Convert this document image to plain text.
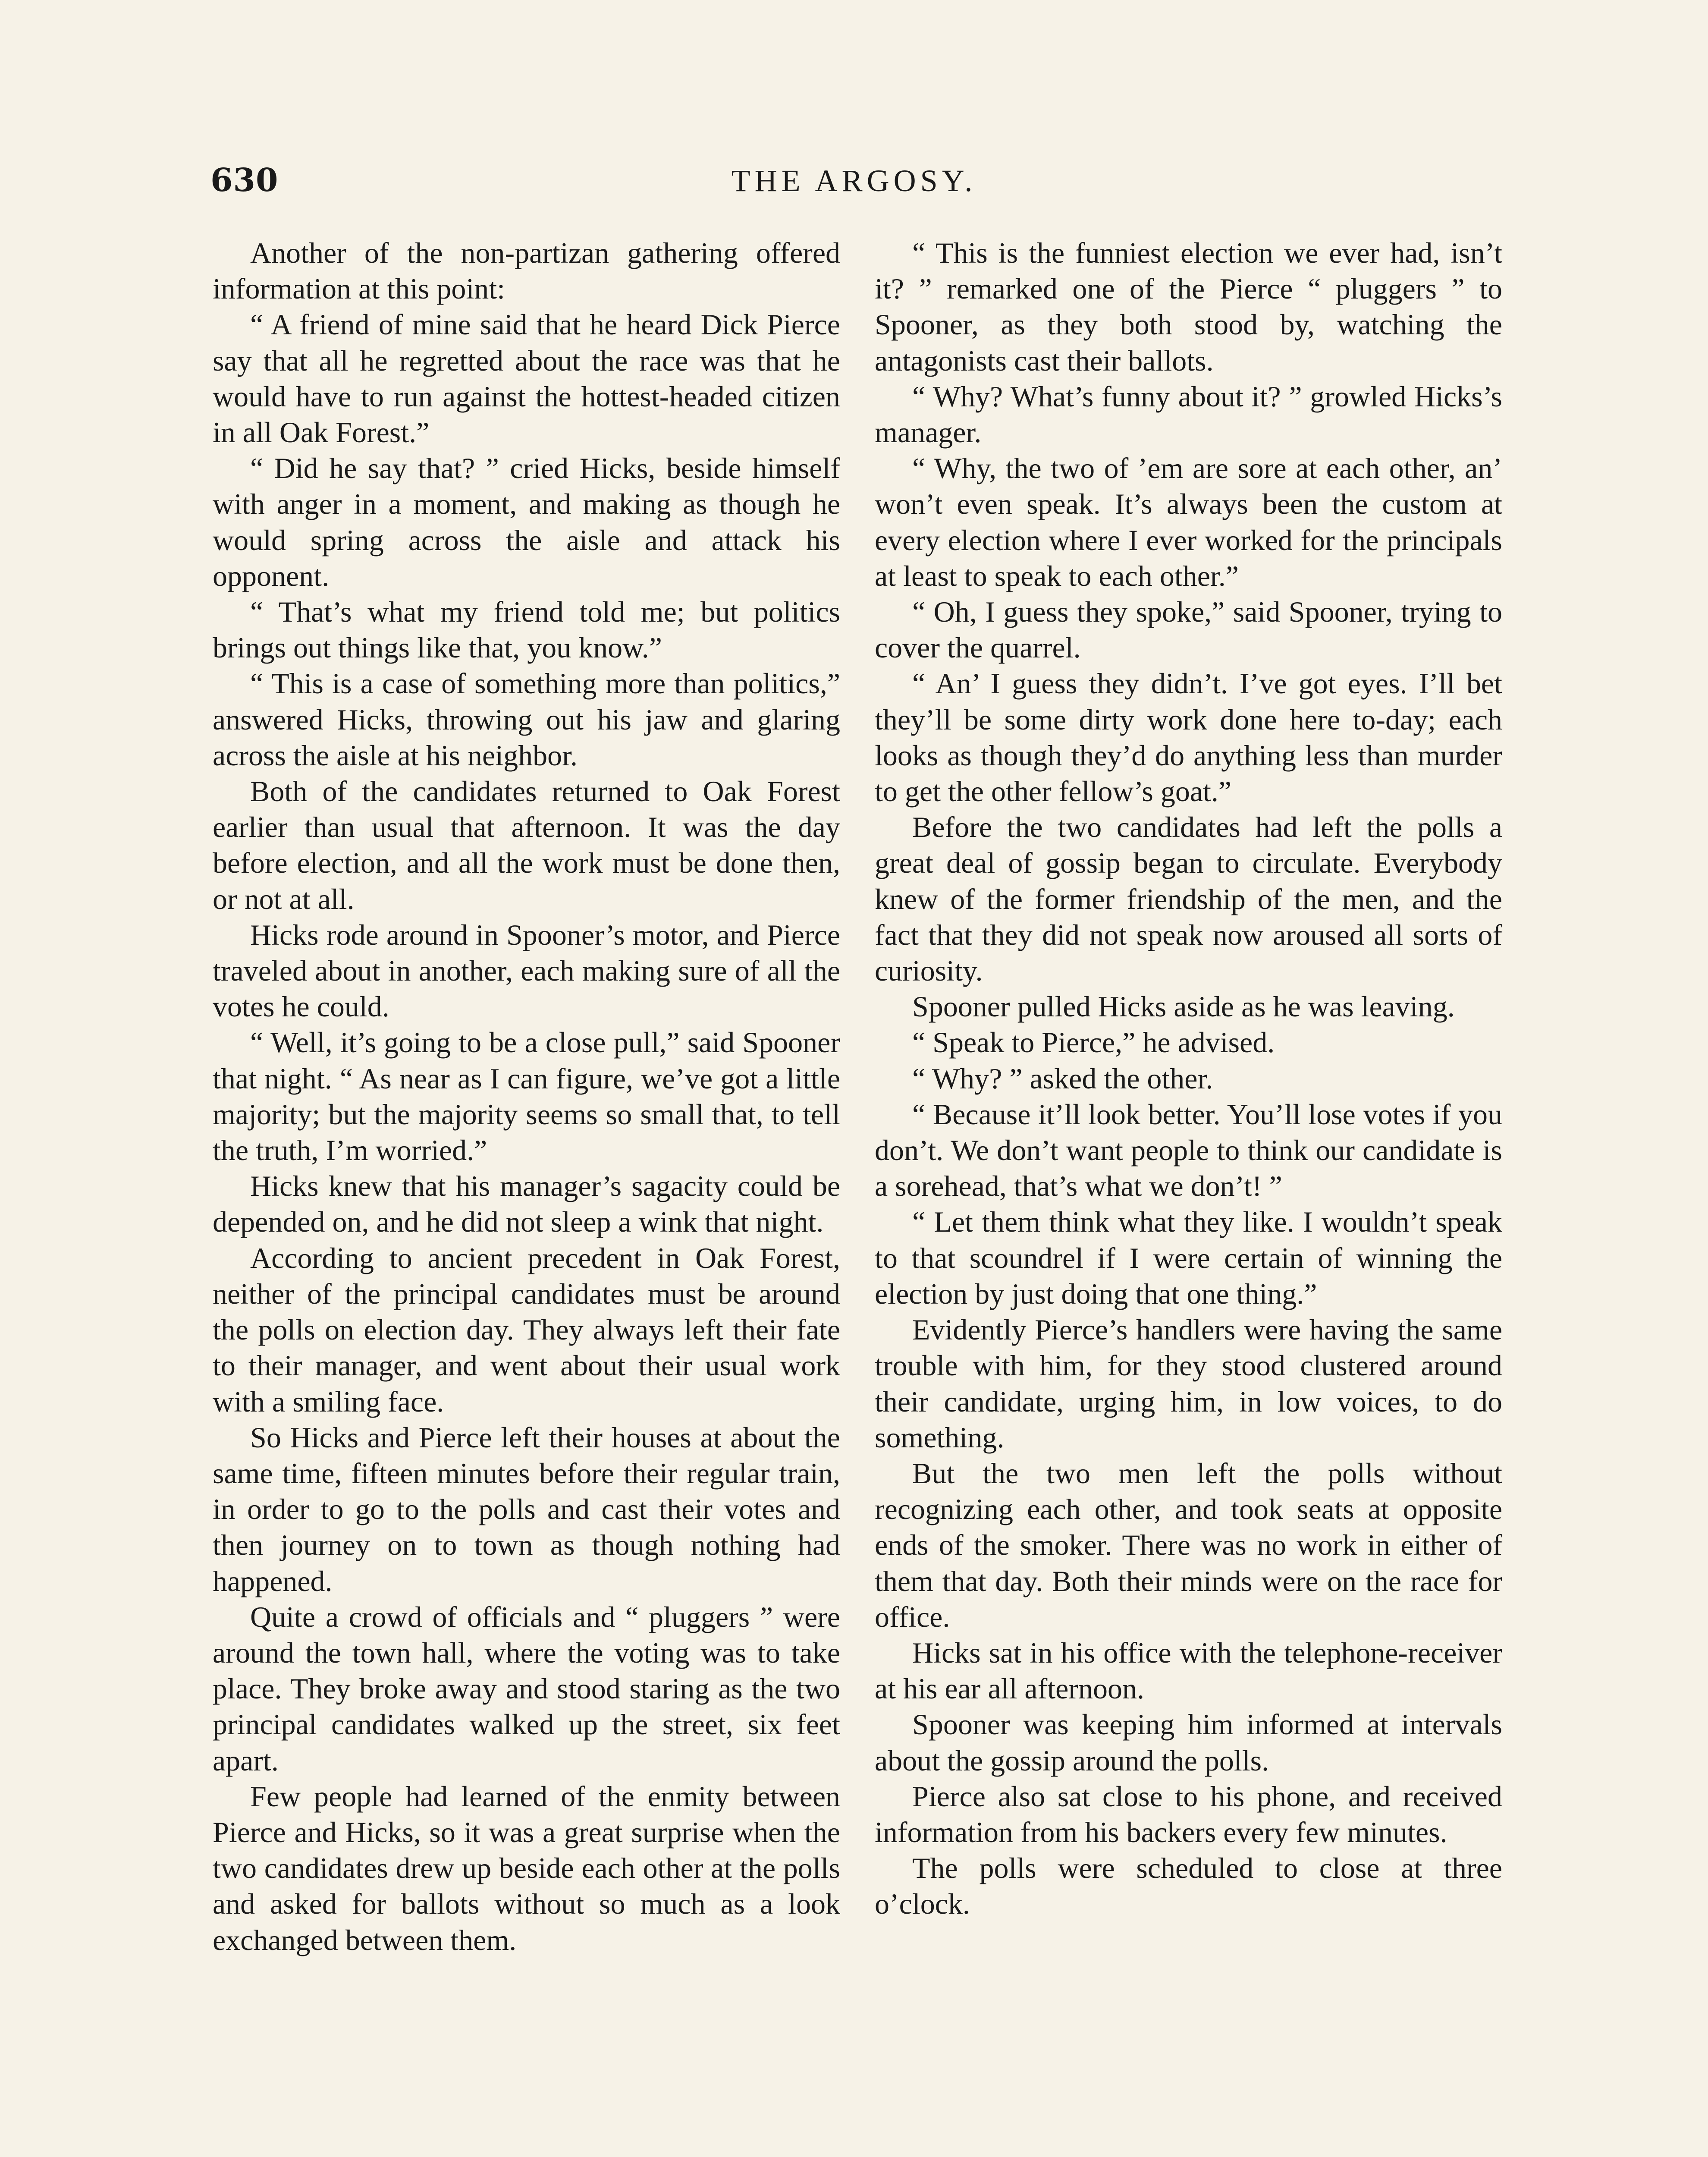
630	THE ARGOSY.

Another of the non-partizan gathering offered information at this point:

“ A friend of mine said that he heard Dick Pierce say that all he regretted about the race was that he would have to run against the hottest-headed citizen in all Oak Forest.”

“ Did he say that? ” cried Hicks, beside himself with anger in a moment, and making as though he would spring across the aisle and attack his opponent.

“ That’s what my friend told me; but politics brings out things like that, you know.”

“ This is a case of something more than politics,” answered Hicks, throwing out his jaw and glaring across the aisle at his neighbor.

Both of the candidates returned to Oak Forest earlier than usual that afternoon. It was the day before election, and all the work must be done then, or not at all.

Hicks rode around in Spooner’s motor, and Pierce traveled about in another, each making sure of all the votes he could.

“ Well, it’s going to be a close pull,” said Spooner that night. “ As near as I can figure, we’ve got a little majority; but the majority seems so small that, to tell the truth, I’m worried.”

Hicks knew that his manager’s sagacity could be depended on, and he did not sleep a wink that night.

According to ancient precedent in Oak Forest, neither of the principal candidates must be around the polls on election day. They always left their fate to their manager, and went about their usual work with a smiling face.

So Hicks and Pierce left their houses at about the same time, fifteen minutes before their regular train, in order to go to the polls and cast their votes and then journey on to town as though nothing had happened.

Quite a crowd of officials and “ pluggers ” were around the town hall, where the voting was to take place. They broke away and stood staring as the two principal candidates walked up the street, six feet apart.

Few people had learned of the enmity between Pierce and Hicks, so it was a great surprise when the two candidates drew up beside each other at the polls and asked for ballots without so much as a look exchanged between them.

“ This is the funniest election we ever had, isn’t it? ” remarked one of the Pierce “ pluggers ” to Spooner, as they both stood by, watching the antagonists cast their ballots.

“ Why? What’s funny about it? ” growled Hicks’s manager.

“ Why, the two of ’em are sore at each other, an’ won’t even speak. It’s always been the custom at every election where I ever worked for the principals at least to speak to each other.”

“ Oh, I guess they spoke,” said Spooner, trying to cover the quarrel.

“ An’ I guess they didn’t. I’ve got eyes. I’ll bet they’ll be some dirty work done here to-day; each looks as though they’d do anything less than murder to get the other fellow’s goat.”

Before the two candidates had left the polls a great deal of gossip began to circulate. Everybody knew of the former friendship of the men, and the fact that they did not speak now aroused all sorts of curiosity.

Spooner pulled Hicks aside as he was leaving.

“ Speak to Pierce,” he advised.

“ Why? ” asked the other.

“ Because it’ll look better. You’ll lose votes if you don’t. We don’t want people to think our candidate is a sorehead, that’s what we don’t! ”

“ Let them think what they like. I wouldn’t speak to that scoundrel if I were certain of winning the election by just doing that one thing.”

Evidently Pierce’s handlers were having the same trouble with him, for they stood clustered around their candidate, urging him, in low voices, to do something.

But the two men left the polls without recognizing each other, and took seats at opposite ends of the smoker. There was no work in either of them that day. Both their minds were on the race for office.

Hicks sat in his office with the telephone-receiver at his ear all afternoon.

Spooner was keeping him informed at intervals about the gossip around the polls.

Pierce also sat close to his phone, and received information from his backers every few minutes.

The polls were scheduled to close at three o’clock.
